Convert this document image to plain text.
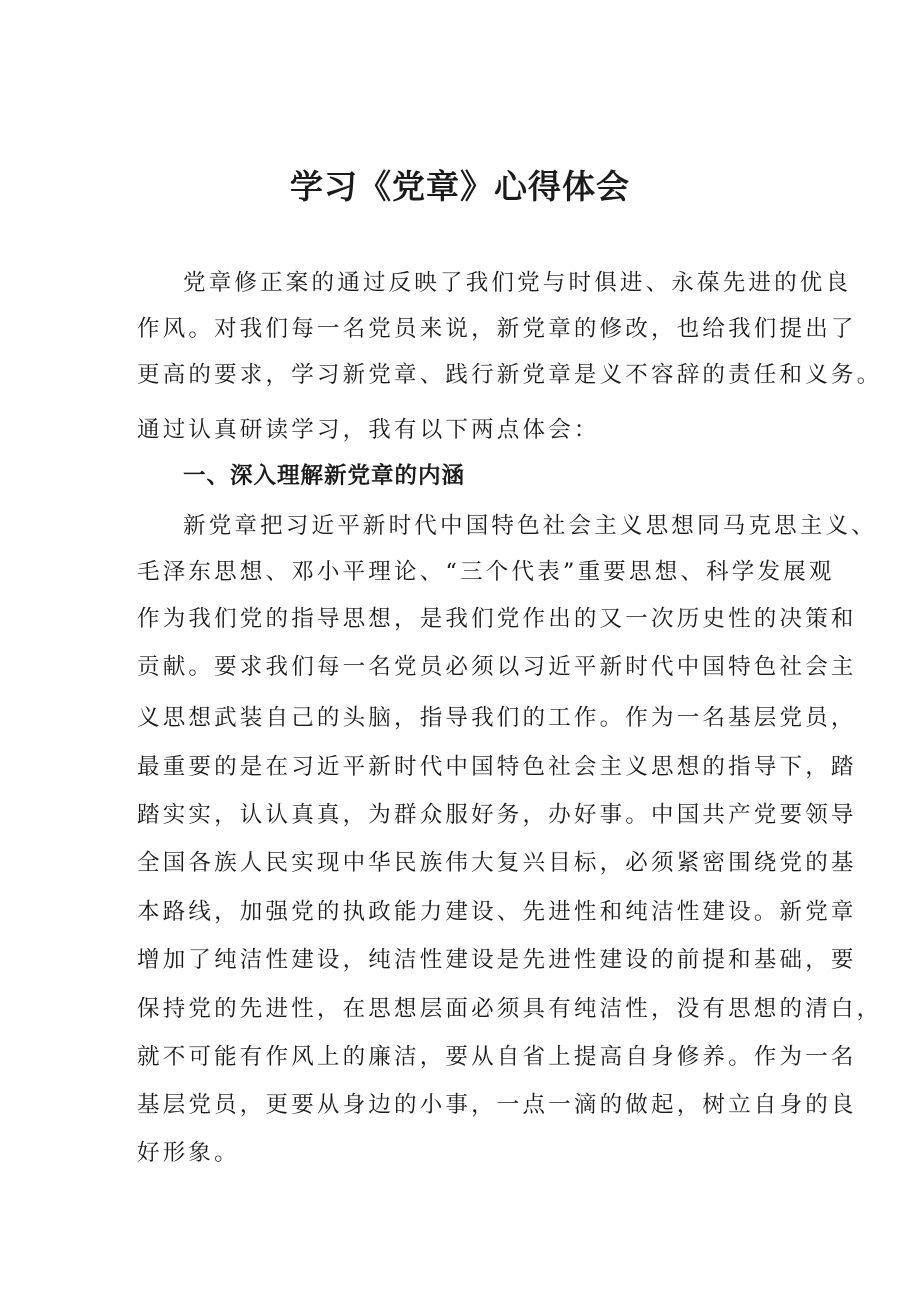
学习《党章》心得体会
党章修正案的通过反映了我们党与时俱进、永葆先进的优良
作风。对我们每一名党员来说，新党章的修改，也给我们提出了
更高的要求，学习新党章、践行新党章是义不容辞的责任和义务。
通过认真研读学习，我有以下两点体会：
一、深入理解新党章的内涵
新党章把习近平新时代中国特色社会主义思想同马克思主义、
毛泽东思想、邓小平理论、“三个代表”重要思想、科学发展观
作为我们党的指导思想，是我们党作出的又一次历史性的决策和
贡献。要求我们每一名党员必须以习近平新时代中国特色社会主
义思想武装自己的头脑，指导我们的工作。作为一名基层党员，
最重要的是在习近平新时代中国特色社会主义思想的指导下，踏
踏实实，认认真真，为群众服好务，办好事。中国共产党要领导
全国各族人民实现中华民族伟大复兴目标，必须紧密围绕党的基
本路线，加强党的执政能力建设、先进性和纯洁性建设。新党章
增加了纯洁性建设，纯洁性建设是先进性建设的前提和基础，要
保持党的先进性，在思想层面必须具有纯洁性，没有思想的清白，
就不可能有作风上的廉洁，要从自省上提高自身修养。作为一名
基层党员，更要从身边的小事，一点一滴的做起，树立自身的良
好形象。
